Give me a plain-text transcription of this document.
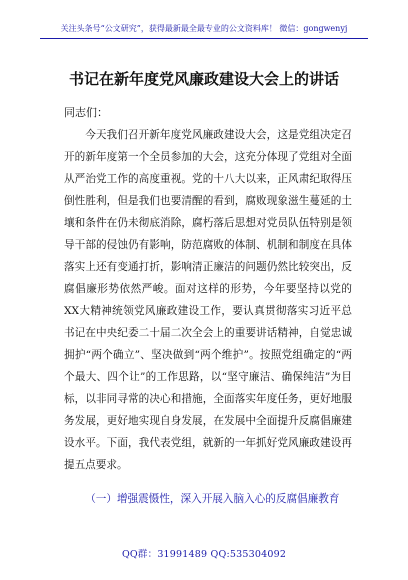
关注头条号“公文研究”，获得最新最全最专业的公文资料库！ 微信：gongwenyj
书记在新年度党风廉政建设大会上的讲话
同志们：

今天我们召开新年度党风廉政建设大会，这是党组决定召开的新年度第一个全员参加的大会，这充分体现了党组对全面从严治党工作的高度重视。党的十八大以来，正风肃纪取得压倒性胜利，但是我们也要清醒的看到，腐败现象滋生蔓延的土壤和条件在仍未彻底消除，腐朽落后思想对党员队伍特别是领导干部的侵蚀仍有影响，防范腐败的体制、机制和制度在具体落实上还有变通打折，影响清正廉洁的问题仍然比较突出，反腐倡廉形势依然严峻。面对这样的形势，今年要坚持以党的XX大精神统领党风廉政建设工作，要认真贯彻落实习近平总书记在中央纪委二十届二次全会上的重要讲话精神，自觉忠诚拥护“两个确立”、坚决做到“两个维护”。按照党组确定的“两个最大、四个让”的工作思路，以“坚守廉洁、确保纯洁”为目标，以非同寻常的决心和措施，全面落实年度任务，更好地服务发展，更好地实现自身发展，在发展中全面提升反腐倡廉建设水平。下面，我代表党组，就新的一年抓好党风廉政建设再提五点要求。

（一）增强震慑性，深入开展入脑入心的反腐倡廉教育

QQ群：31991489 QQ:535304092
